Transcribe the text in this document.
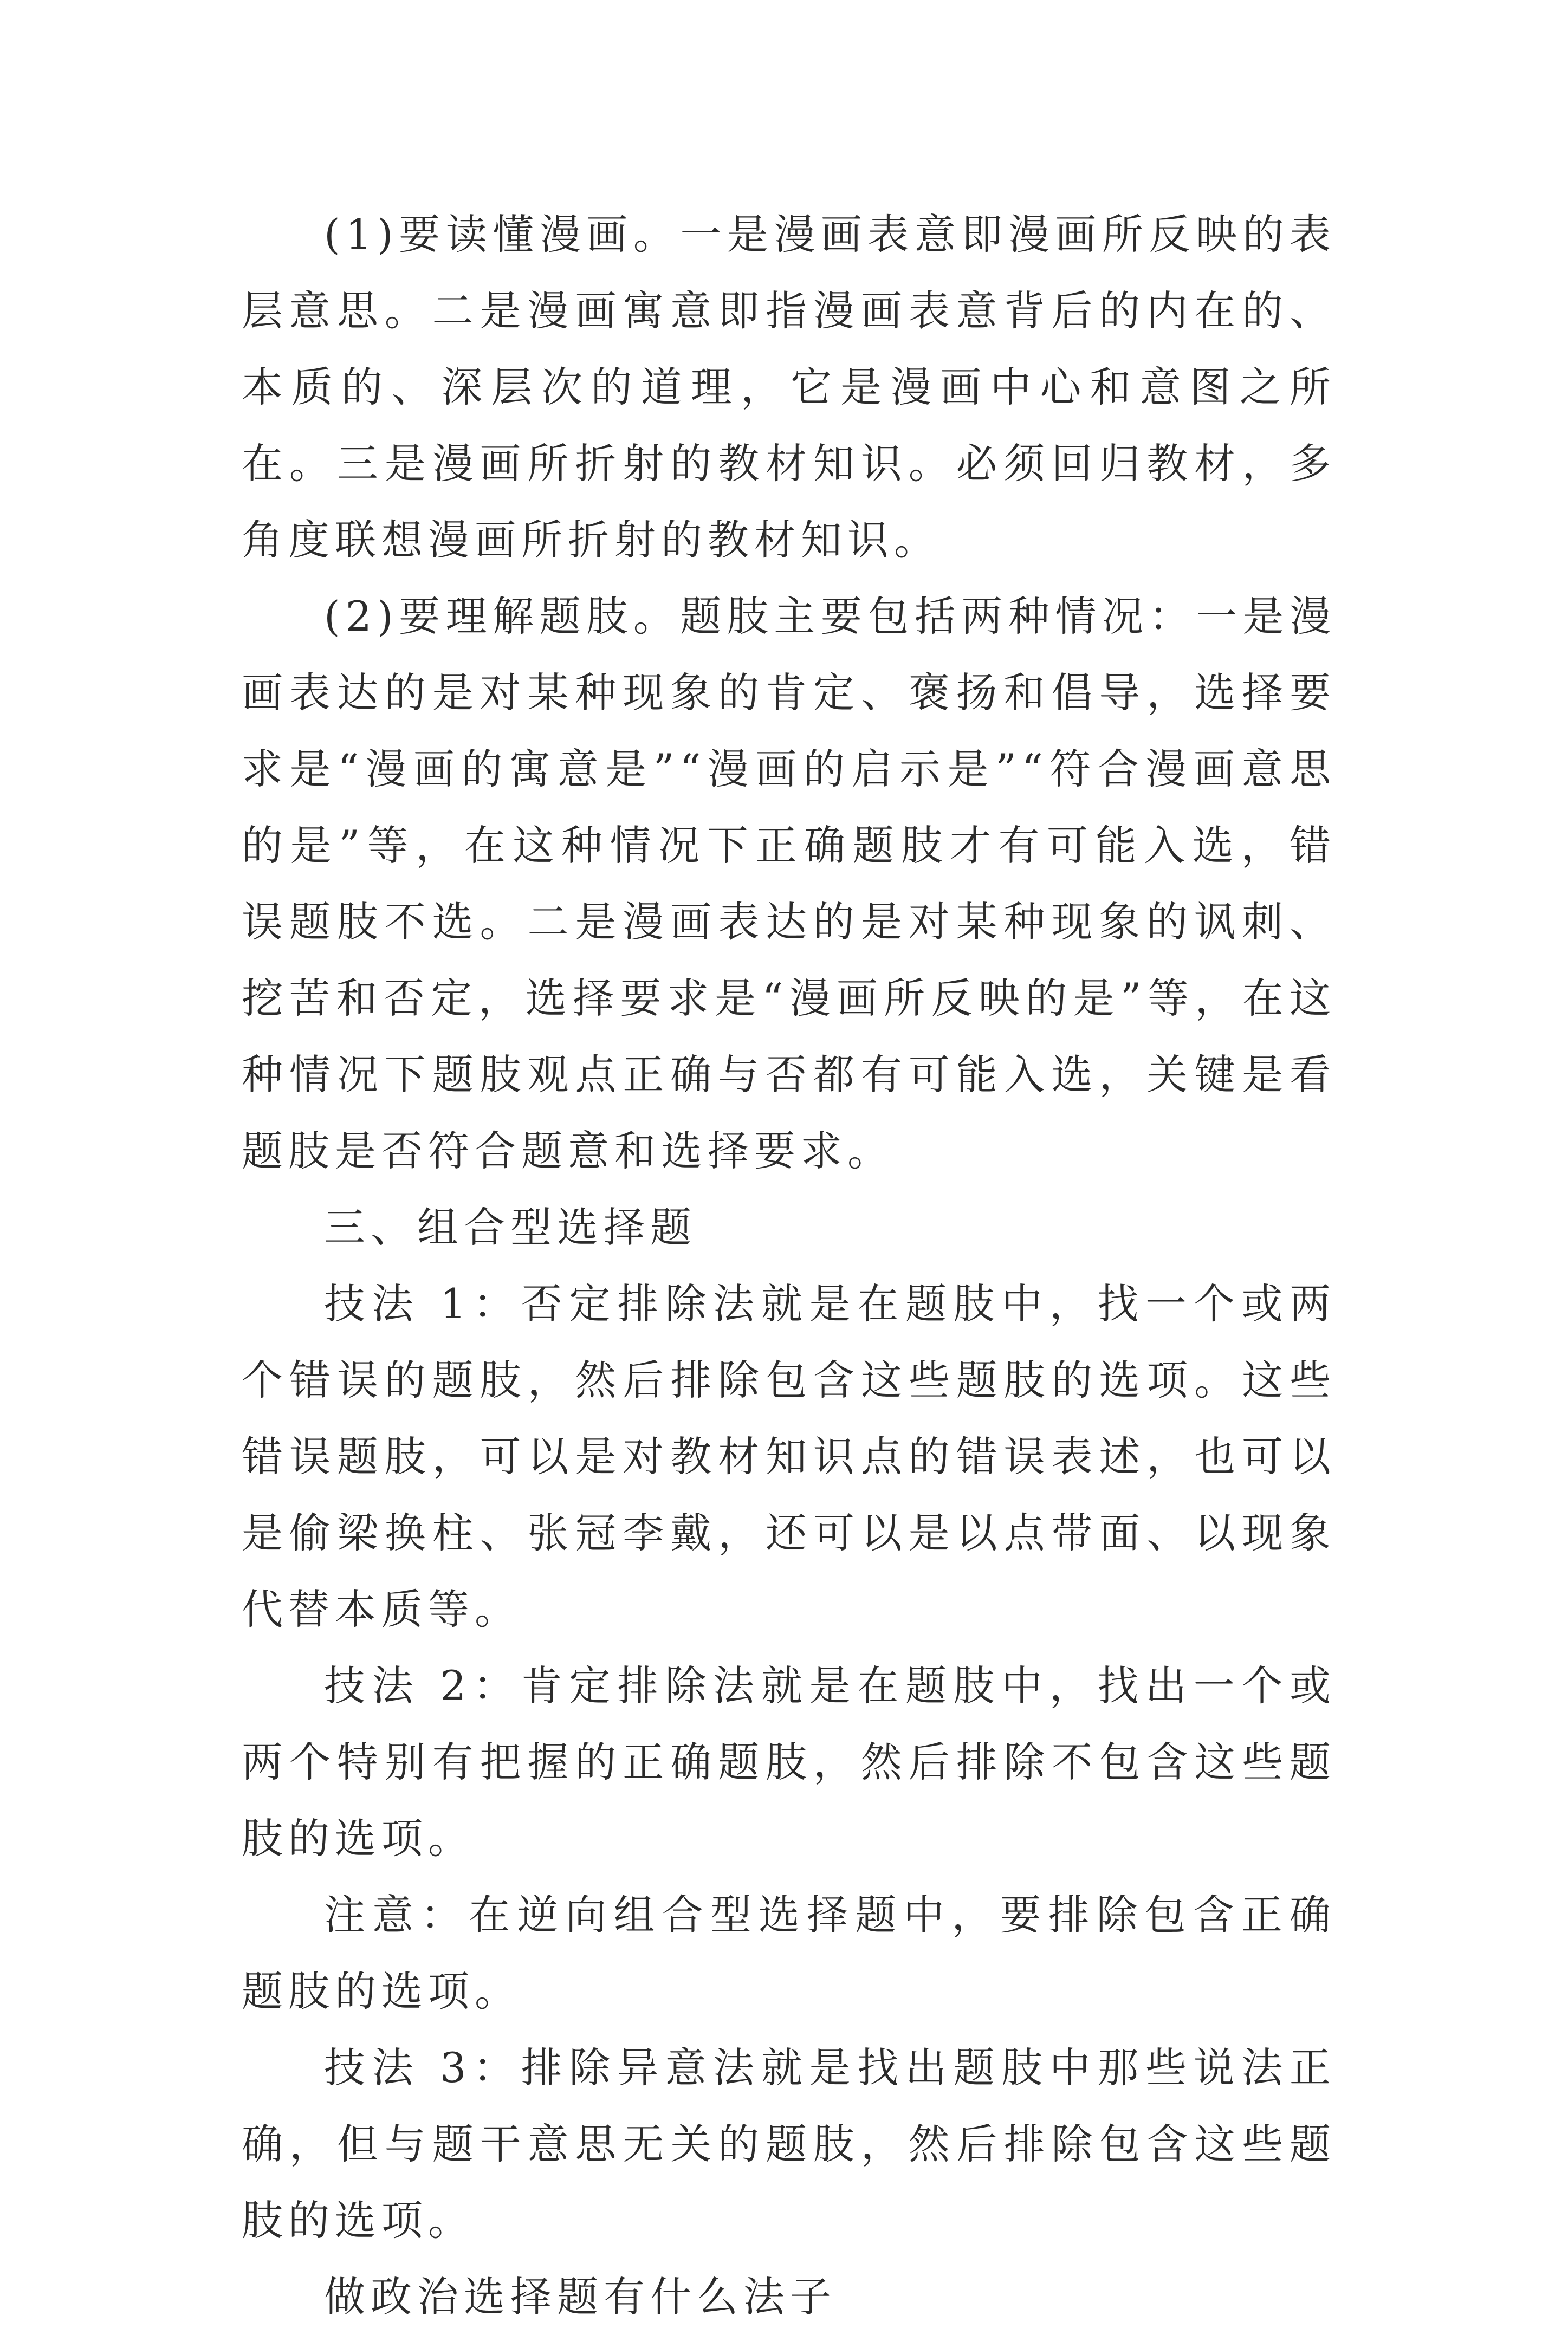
(1)要读懂漫画。一是漫画表意即漫画所反映的表层意思。二是漫画寓意即指漫画表意背后的内在的、本质的、深层次的道理，它是漫画中心和意图之所在。三是漫画所折射的教材知识。必须回归教材，多角度联想漫画所折射的教材知识。

(2)要理解题肢。题肢主要包括两种情况：一是漫画表达的是对某种现象的肯定、褒扬和倡导，选择要求是“漫画的寓意是”“漫画的启示是”“符合漫画意思的是”等，在这种情况下正确题肢才有可能入选，错误题肢不选。二是漫画表达的是对某种现象的讽刺、挖苦和否定，选择要求是“漫画所反映的是”等，在这种情况下题肢观点正确与否都有可能入选，关键是看题肢是否符合题意和选择要求。

三、组合型选择题

技法 1：否定排除法就是在题肢中，找一个或两个错误的题肢，然后排除包含这些题肢的选项。这些错误题肢，可以是对教材知识点的错误表述，也可以是偷梁换柱、张冠李戴，还可以是以点带面、以现象代替本质等。

技法 2：肯定排除法就是在题肢中，找出一个或两个特别有把握的正确题肢，然后排除不包含这些题肢的选项。

注意：在逆向组合型选择题中，要排除包含正确题肢的选项。

技法 3：排除异意法就是找出题肢中那些说法正确，但与题干意思无关的题肢，然后排除包含这些题肢的选项。

做政治选择题有什么法子
